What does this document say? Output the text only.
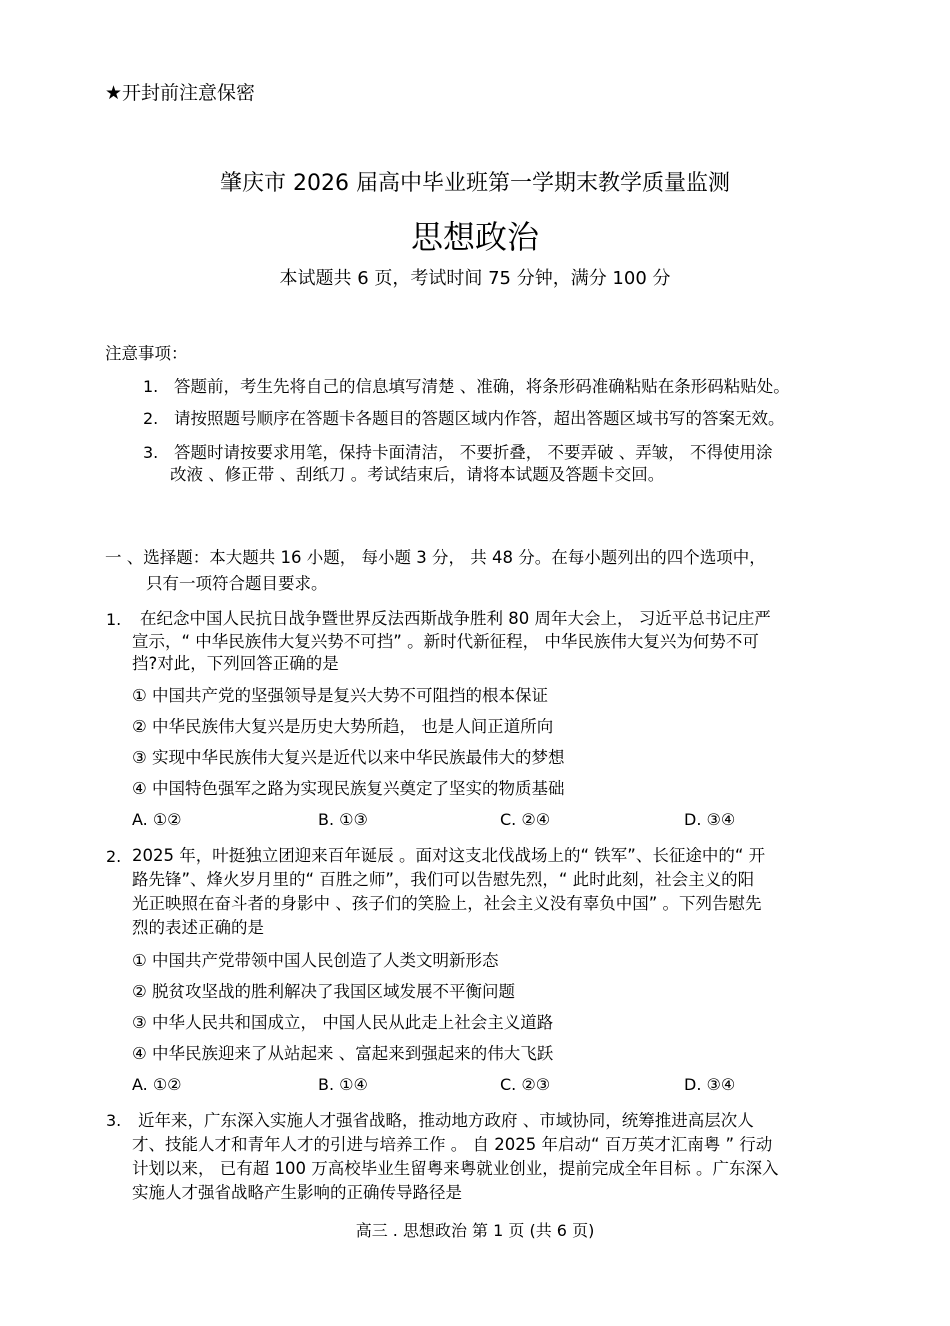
★开封前注意保密
肇庆市 2026 届高中毕业班第一学期末教学质量监测
思想政治
本试题共 6 页，考试时间 75 分钟，满分 100 分
注意事项：
1. 答题前，考生先将自己的信息填写清楚 、准确，将条形码准确粘贴在条形码粘贴处。
2. 请按照题号顺序在答题卡各题目的答题区域内作答，超出答题区域书写的答案无效。
3. 答题时请按要求用笔，保持卡面清洁， 不要折叠， 不要弄破 、弄皱， 不得使用涂
改液 、修正带 、刮纸刀 。考试结束后，请将本试题及答题卡交回。
一 、选择题：本大题共 16 小题， 每小题 3 分， 共 48 分。在每小题列出的四个选项中，
只有一项符合题目要求。
1. 在纪念中国人民抗日战争暨世界反法西斯战争胜利 80 周年大会上， 习近平总书记庄严
宣示，“ 中华民族伟大复兴势不可挡” 。新时代新征程， 中华民族伟大复兴为何势不可
挡?对此，下列回答正确的是
① 中国共产党的坚强领导是复兴大势不可阻挡的根本保证
② 中华民族伟大复兴是历史大势所趋， 也是人间正道所向
③ 实现中华民族伟大复兴是近代以来中华民族最伟大的梦想
④ 中国特色强军之路为实现民族复兴奠定了坚实的物质基础
A. ①②	B. ①③	C. ②④	D. ③④
2. 2025 年，叶挺独立团迎来百年诞辰 。面对这支北伐战场上的“ 铁军”、长征途中的“ 开
路先锋”、烽火岁月里的“ 百胜之师”，我们可以告慰先烈，“ 此时此刻，社会主义的阳
光正映照在奋斗者的身影中 、孩子们的笑脸上，社会主义没有辜负中国” 。下列告慰先
烈的表述正确的是
① 中国共产党带领中国人民创造了人类文明新形态
② 脱贫攻坚战的胜利解决了我国区域发展不平衡问题
③ 中华人民共和国成立， 中国人民从此走上社会主义道路
④ 中华民族迎来了从站起来 、富起来到强起来的伟大飞跃
A. ①②	B. ①④	C. ②③	D. ③④
3. 近年来，广东深入实施人才强省战略，推动地方政府 、市域协同，统筹推进高层次人
才、技能人才和青年人才的引进与培养工作 。 自 2025 年启动“ 百万英才汇南粤 ” 行动
计划以来， 已有超 100 万高校毕业生留粤来粤就业创业，提前完成全年目标 。广东深入
实施人才强省战略产生影响的正确传导路径是
高三 . 思想政治 第 1 页 (共 6 页)
